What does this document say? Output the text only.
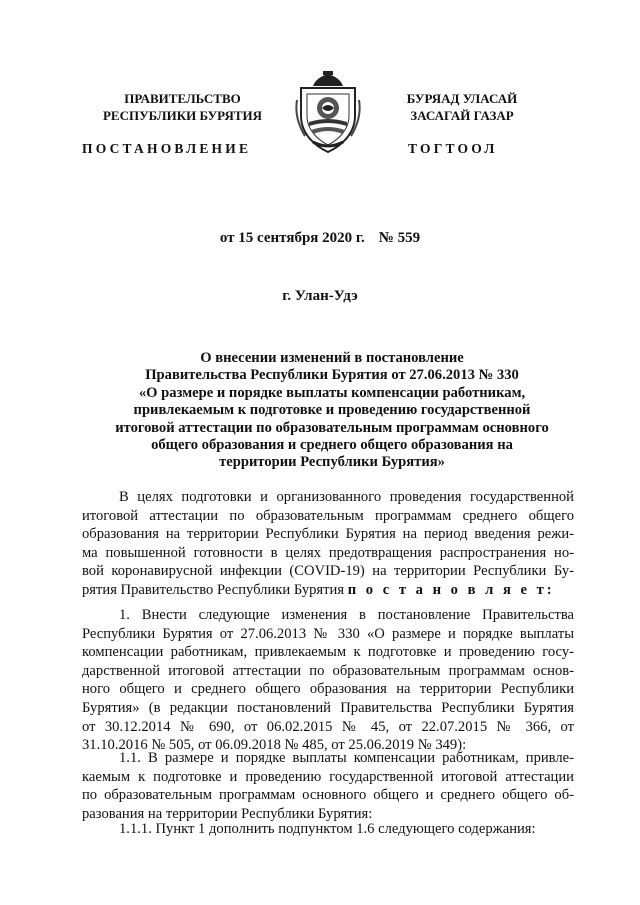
ПРАВИТЕЛЬСТВО
РЕСПУБЛИКИ БУРЯТИЯ
ПОСТАНОВЛЕНИЕ
БУРЯАД УЛАСАЙ
ЗАСАГАЙ ГАЗАР
ТОГТООЛ
от 15 сентября 2020 г. № 559
г. Улан-Удэ
О внесении изменений в постановление
Правительства Республики Бурятия от 27.06.2013 № 330
«О размере и порядке выплаты компенсации работникам,
привлекаемым к подготовке и проведению государственной
итоговой аттестации по образовательным программам основного
общего образования и среднего общего образования на
территории Республики Бурятия»
В целях подготовки и организованного проведения государственной
итоговой аттестации по образовательным программам среднего общего
образования на территории Республики Бурятия на период введения режи-
ма повышенной готовности в целях предотвращения распространения но-
вой коронавирусной инфекции (COVID-19) на территории Республики Бу-
рятия Правительство Республики Бурятия п о с т а н о в л я е т:
1. Внести следующие изменения в постановление Правительства
Республики Бурятия от 27.06.2013 № 330 «О размере и порядке выплаты
компенсации работникам, привлекаемым к подготовке и проведению госу-
дарственной итоговой аттестации по образовательным программам основ-
ного общего и среднего общего образования на территории Республики
Бурятия» (в редакции постановлений Правительства Республики Бурятия
от 30.12.2014 № 690, от 06.02.2015 № 45, от 22.07.2015 № 366, от
31.10.2016 № 505, от 06.09.2018 № 485, от 25.06.2019 № 349):
1.1. В размере и порядке выплаты компенсации работникам, привле-
каемым к подготовке и проведению государственной итоговой аттестации
по образовательным программам основного общего и среднего общего об-
разования на территории Республики Бурятия:
1.1.1. Пункт 1 дополнить подпунктом 1.6 следующего содержания:
